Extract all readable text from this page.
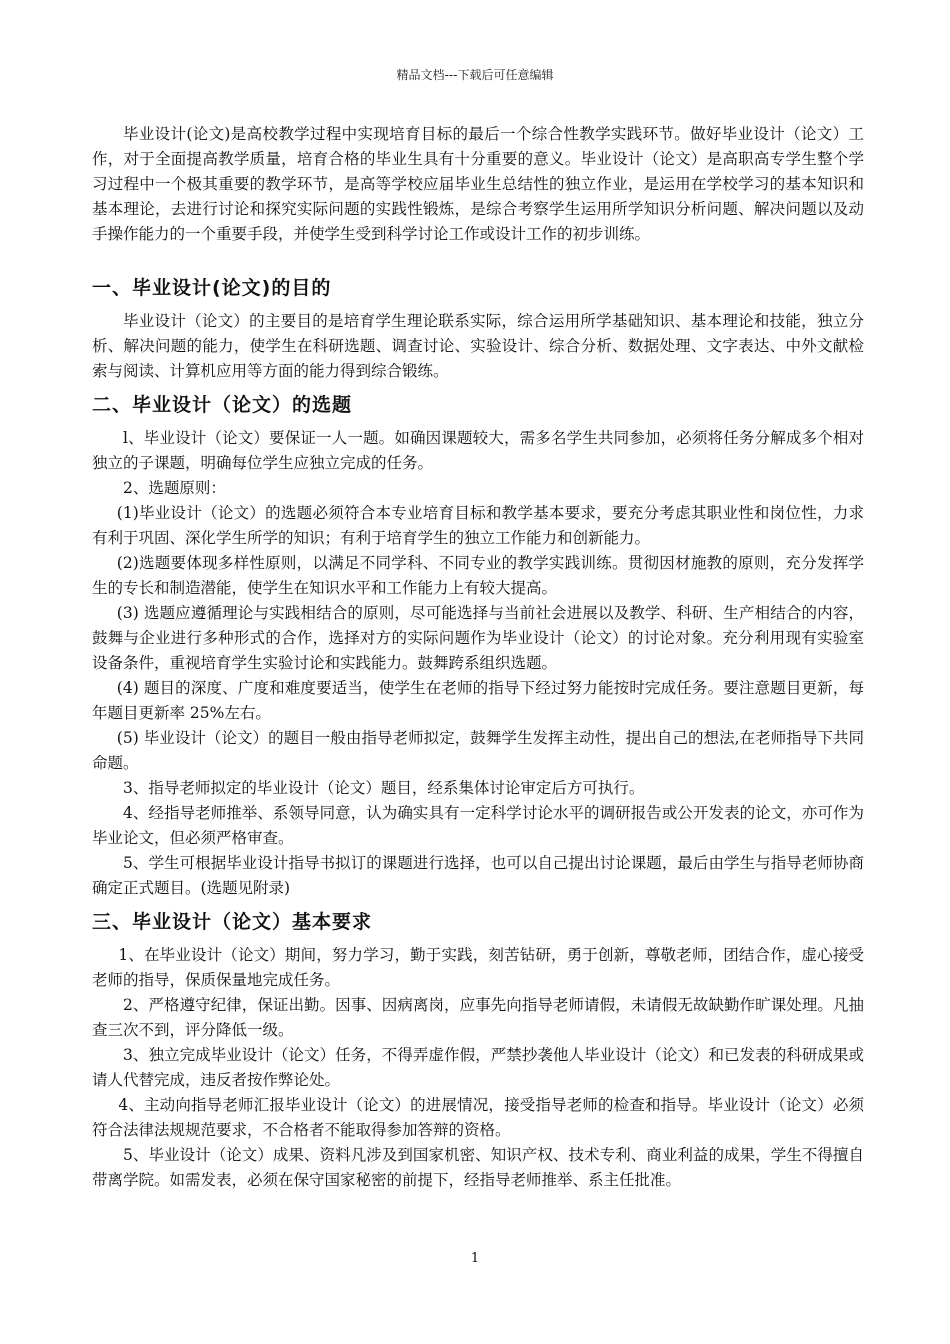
精品文档---下载后可任意编辑

毕业设计(论文)是高校教学过程中实现培育目标的最后一个综合性教学实践环节。做好毕业设计（论文）工作，对于全面提高教学质量，培育合格的毕业生具有十分重要的意义。毕业设计（论文）是高职高专学生整个学习过程中一个极其重要的教学环节，是高等学校应届毕业生总结性的独立作业，是运用在学校学习的基本知识和基本理论，去进行讨论和探究实际问题的实践性锻炼，是综合考察学生运用所学知识分析问题、解决问题以及动手操作能力的一个重要手段，并使学生受到科学讨论工作或设计工作的初步训练。

一、毕业设计(论文)的目的

毕业设计（论文）的主要目的是培育学生理论联系实际，综合运用所学基础知识、基本理论和技能，独立分析、解决问题的能力，使学生在科研选题、调查讨论、实验设计、综合分析、数据处理、文字表达、中外文献检索与阅读、计算机应用等方面的能力得到综合锻练。

二、毕业设计（论文）的选题

l、毕业设计（论文）要保证一人一题。如确因课题较大，需多名学生共同参加，必须将任务分解成多个相对独立的子课题，明确每位学生应独立完成的任务。

2、选题原则：

(1)毕业设计（论文）的选题必须符合本专业培育目标和教学基本要求，要充分考虑其职业性和岗位性，力求有利于巩固、深化学生所学的知识；有利于培育学生的独立工作能力和创新能力。

(2)选题要体现多样性原则，以满足不同学科、不同专业的教学实践训练。贯彻因材施教的原则，充分发挥学生的专长和制造潜能，使学生在知识水平和工作能力上有较大提高。

(3) 选题应遵循理论与实践相结合的原则，尽可能选择与当前社会进展以及教学、科研、生产相结合的内容，鼓舞与企业进行多种形式的合作，选择对方的实际问题作为毕业设计（论文）的讨论对象。充分利用现有实验室设备条件，重视培育学生实验讨论和实践能力。鼓舞跨系组织选题。

(4) 题目的深度、广度和难度要适当，使学生在老师的指导下经过努力能按时完成任务。要注意题目更新，每年题目更新率 25%左右。

(5) 毕业设计（论文）的题目一般由指导老师拟定，鼓舞学生发挥主动性，提出自己的想法,在老师指导下共同命题。

3、指导老师拟定的毕业设计（论文）题目，经系集体讨论审定后方可执行。

4、经指导老师推举、系领导同意，认为确实具有一定科学讨论水平的调研报告或公开发表的论文，亦可作为毕业论文，但必须严格审查。

5、学生可根据毕业设计指导书拟订的课题进行选择，也可以自己提出讨论课题，最后由学生与指导老师协商确定正式题目。(选题见附录)

三、毕业设计（论文）基本要求

1、在毕业设计（论文）期间，努力学习，勤于实践，刻苦钻研，勇于创新，尊敬老师，团结合作，虚心接受老师的指导，保质保量地完成任务。

2、严格遵守纪律，保证出勤。因事、因病离岗，应事先向指导老师请假，未请假无故缺勤作旷课处理。凡抽查三次不到，评分降低一级。

3、独立完成毕业设计（论文）任务，不得弄虚作假，严禁抄袭他人毕业设计（论文）和已发表的科研成果或请人代替完成，违反者按作弊论处。

4、主动向指导老师汇报毕业设计（论文）的进展情况，接受指导老师的检查和指导。毕业设计（论文）必须符合法律法规规范要求，不合格者不能取得参加答辩的资格。

5、毕业设计（论文）成果、资料凡涉及到国家机密、知识产权、技术专利、商业利益的成果，学生不得擅自带离学院。如需发表，必须在保守国家秘密的前提下，经指导老师推举、系主任批准。

1
